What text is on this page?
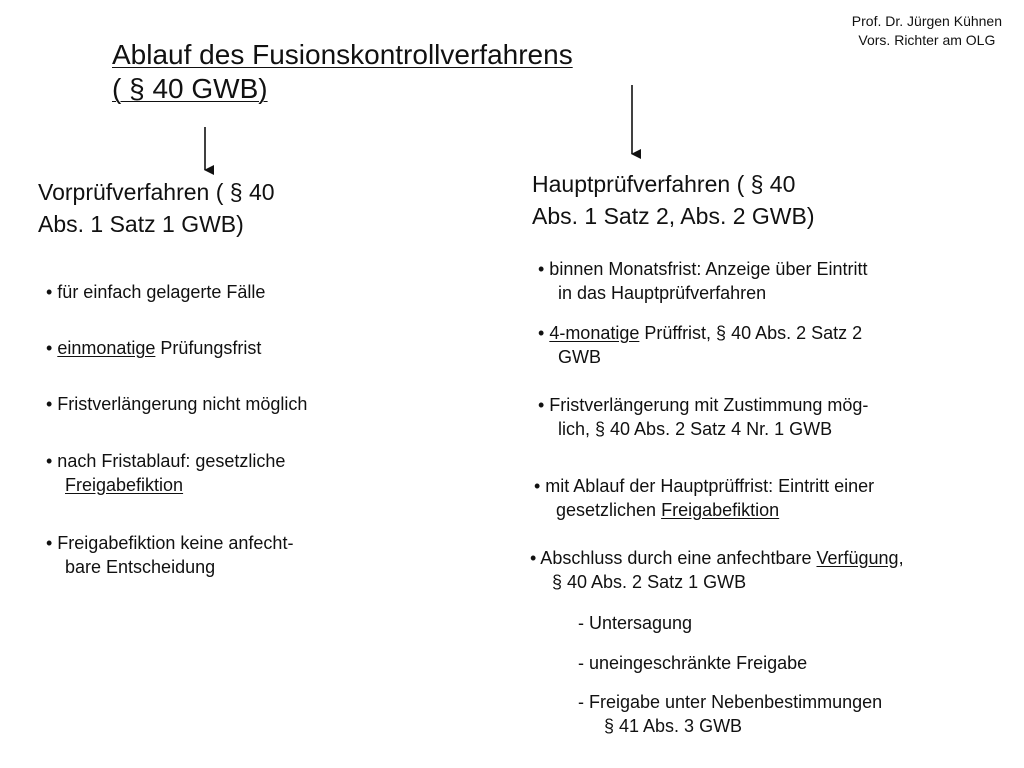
Prof. Dr. Jürgen Kühnen
Vors. Richter am OLG
Ablauf des Fusionskontrollverfahrens
( § 40 GWB)
Vorprüfverfahren ( § 40
Abs. 1 Satz 1 GWB)
• für einfach gelagerte Fälle
• einmonatige Prüfungsfrist
• Fristverlängerung nicht möglich
• nach Fristablauf: gesetzliche
Freigabefiktion
• Freigabefiktion keine anfecht-
bare Entscheidung
Hauptprüfverfahren ( § 40
Abs. 1 Satz 2, Abs. 2 GWB)
• binnen Monatsfrist: Anzeige über Eintritt
in das Hauptprüfverfahren
• 4-monatige Prüffrist, § 40 Abs. 2 Satz 2
GWB
• Fristverlängerung mit Zustimmung mög-
lich, § 40 Abs. 2 Satz 4 Nr. 1 GWB
• mit Ablauf der Hauptprüffrist: Eintritt einer
gesetzlichen Freigabefiktion
• Abschluss durch eine anfechtbare Verfügung,
§ 40 Abs. 2 Satz 1 GWB
- Untersagung
- uneingeschränkte Freigabe
- Freigabe unter Nebenbestimmungen
§ 41 Abs. 3 GWB
